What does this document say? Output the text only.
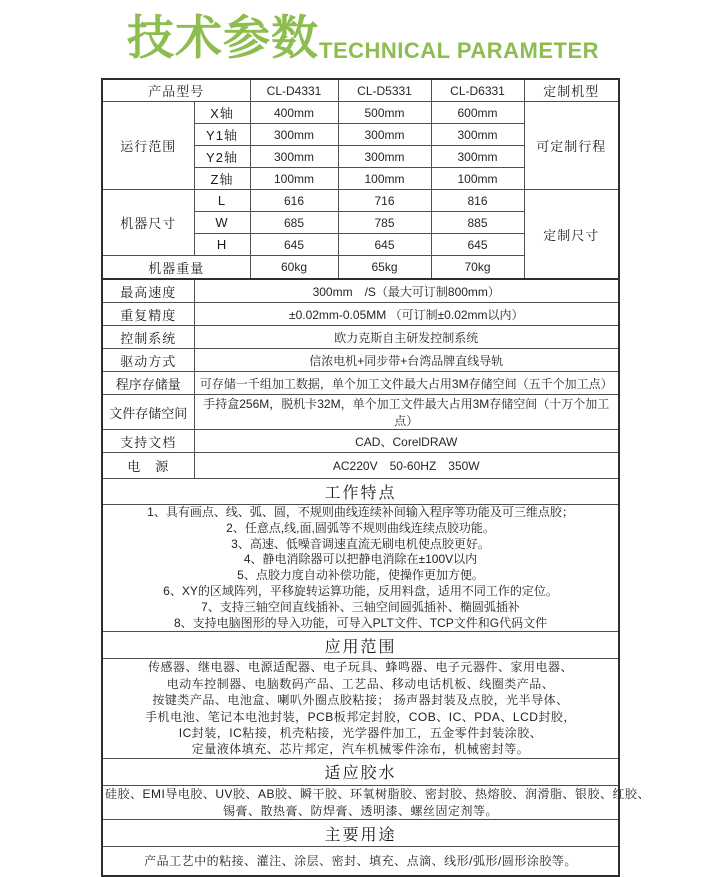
技术参数 TECHNICAL PARAMETER
产品型号		CL-D4331	CL-D5331	CL-D6331	定制机型
运行范围	X轴	400mm	500mm	600mm	可定制行程
	Y1轴	300mm	300mm	300mm	
	Y2轴	300mm	300mm	300mm	
	Z轴	100mm	100mm	100mm	
机器尺寸	L	616	716	816	定制尺寸
	W	685	785	885	
	H	645	645	645	
机器重量		60kg	65kg	70kg	
最高速度	300mm　/S（最大可订制800mm）				
重复精度	±0.02mm-0.05MM （可订制±0.02mm以内）				
控制系统	欧力克斯自主研发控制系统				
驱动方式	信浓电机+同步带+台湾品牌直线导轨				
程序存储量	可存储一千组加工数据，单个加工文件最大占用3M存储空间（五千个加工点）				
文件存储空间	手持盒256M，脱机卡32M，单个加工文件最大占用3M存储空间（十万个加工点）				
支持文档	CAD、CorelDRAW				
电　源	AC220V　50-60HZ　350W				
工作特点					

1、具有画点、线、弧、圆，不规则曲线连续补间输入程序等功能及可三维点胶；
2、任意点,线,面,圆弧等不规则曲线连续点胶功能。
3、高速、低噪音调速直流无刷电机使点胶更好。
4、静电消除器可以把静电消除在±100V以内
5、点胶力度自动补偿功能，使操作更加方便。
6、XY的区域阵列，平移旋转运算功能，反用料盘，适用不同工作的定位。
7、支持三轴空间直线插补、三轴空间圆弧插补、椭圆弧插补
8、支持电脑图形的导入功能，可导入PLT文件、TCP文件和G代码文件

应用范围					

传感器、继电器、电源适配器、电子玩具、蜂鸣器、电子元器件、家用电器、
电动车控制器、电脑数码产品、工艺品、移动电话机板、线圈类产品、
按键类产品、电池盒、喇叭外圈点胶粘接； 扬声器封装及点胶，光半导体、
手机电池、笔记本电池封装，PCB板邦定封胶，COB、IC、PDA、LCD封胶，
IC封装，IC粘接，机壳粘接，光学器件加工，五金零件封装涂胶、
定量液体填充、芯片邦定，汽车机械零件涂布，机械密封等。

适应胶水					

硅胶、EMI导电胶、UV胶、AB胶、瞬干胶、环氧树脂胶、密封胶、热熔胶、润滑脂、银胶、红胶、
锡膏、散热膏、防焊膏、透明漆、螺丝固定剂等。					

主要用途					

产品工艺中的粘接、灌注、涂层、密封、填充、点滴、线形/弧形/圆形涂胶等。					
